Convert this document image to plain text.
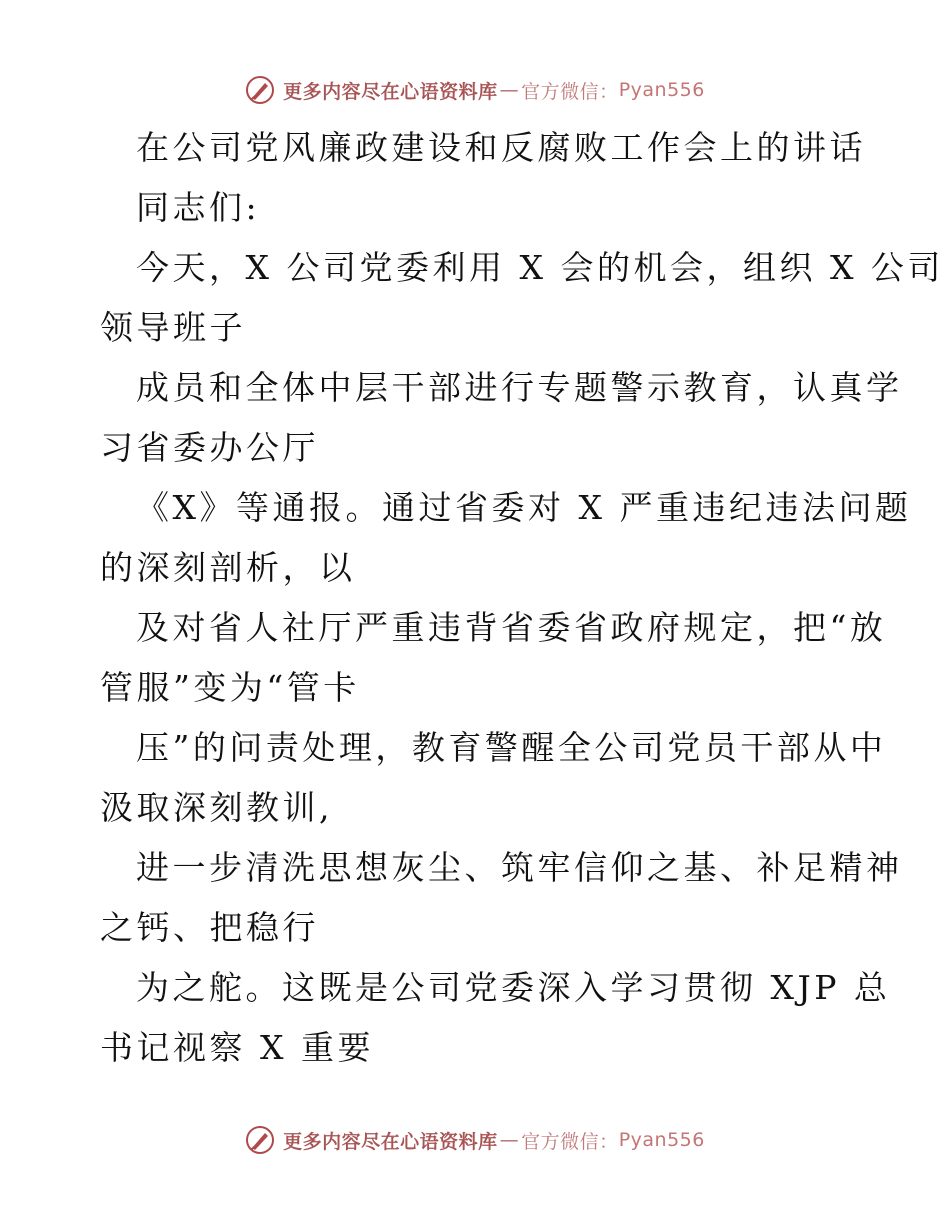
更多内容尽在心语资料库 — 官方微信： Pyan556
在公司党风廉政建设和反腐败工作会上的讲话
同志们:
今天，X 公司党委利用 X 会的机会，组织 X 公司
领导班子
成员和全体中层干部进行专题警示教育，认真学
习省委办公厅
《X》等通报。通过省委对 X 严重违纪违法问题
的深刻剖析，以
及对省人社厅严重违背省委省政府规定，把“放
管服”变为“管卡
压”的问责处理，教育警醒全公司党员干部从中
汲取深刻教训,
进一步清洗思想灰尘、筑牢信仰之基、补足精神
之钙、把稳行
为之舵。这既是公司党委深入学习贯彻 XJP 总
书记视察 X 重要
更多内容尽在心语资料库 — 官方微信： Pyan556
